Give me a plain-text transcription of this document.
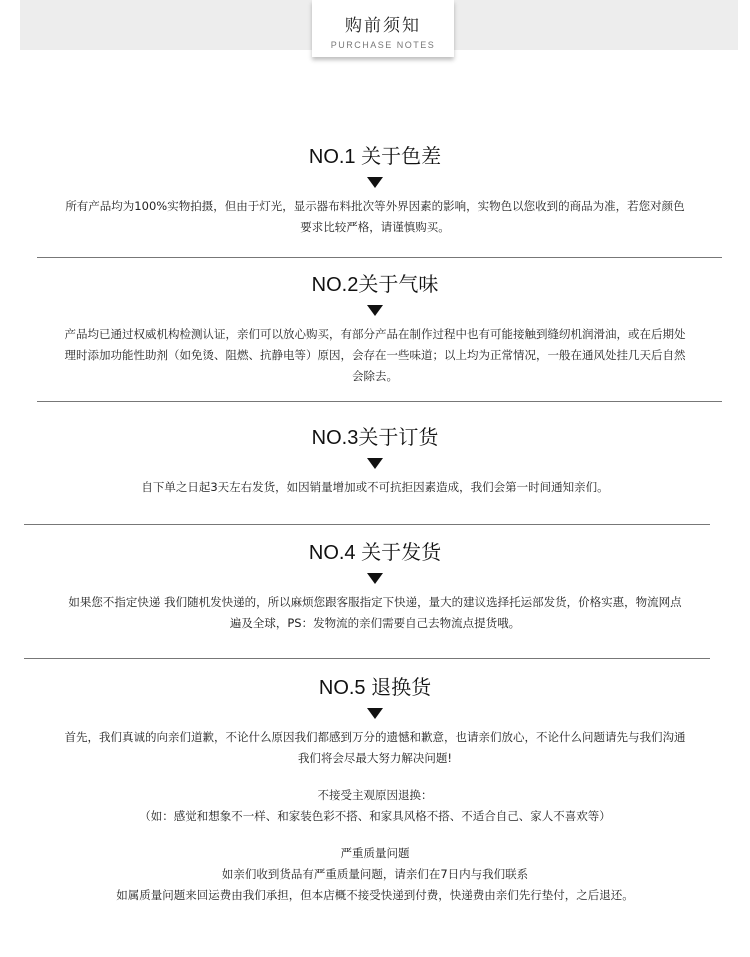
购前须知
PURCHASE NOTES
NO.1 关于色差
所有产品均为100%实物拍摄，但由于灯光，显示器布料批次等外界因素的影响，实物色以您收到的商品为准，若您对颜色
要求比较严格，请谨慎购买。
NO.2关于气味
产品均已通过权威机构检测认证，亲们可以放心购买，有部分产品在制作过程中也有可能接触到缝纫机润滑油，或在后期处
理时添加功能性助剂（如免烫、阻燃、抗静电等）原因，会存在一些味道；以上均为正常情况，一般在通风处挂几天后自然
会除去。
NO.3关于订货
自下单之日起3天左右发货，如因销量增加或不可抗拒因素造成，我们会第一时间通知亲们。
NO.4 关于发货
如果您不指定快递 我们随机发快递的，所以麻烦您跟客服指定下快递，量大的建议选择托运部发货，价格实惠，物流网点
遍及全球，PS：发物流的亲们需要自己去物流点提货哦。
NO.5 退换货
首先，我们真诚的向亲们道歉，不论什么原因我们都感到万分的遗憾和歉意，也请亲们放心，不论什么问题请先与我们沟通
我们将会尽最大努力解决问题!
不接受主观原因退换：
（如：感觉和想象不一样、和家装色彩不搭、和家具风格不搭、不适合自己、家人不喜欢等）
严重质量问题
如亲们收到货品有严重质量问题，请亲们在7日内与我们联系
如属质量问题来回运费由我们承担，但本店概不接受快递到付费，快递费由亲们先行垫付，之后退还。
